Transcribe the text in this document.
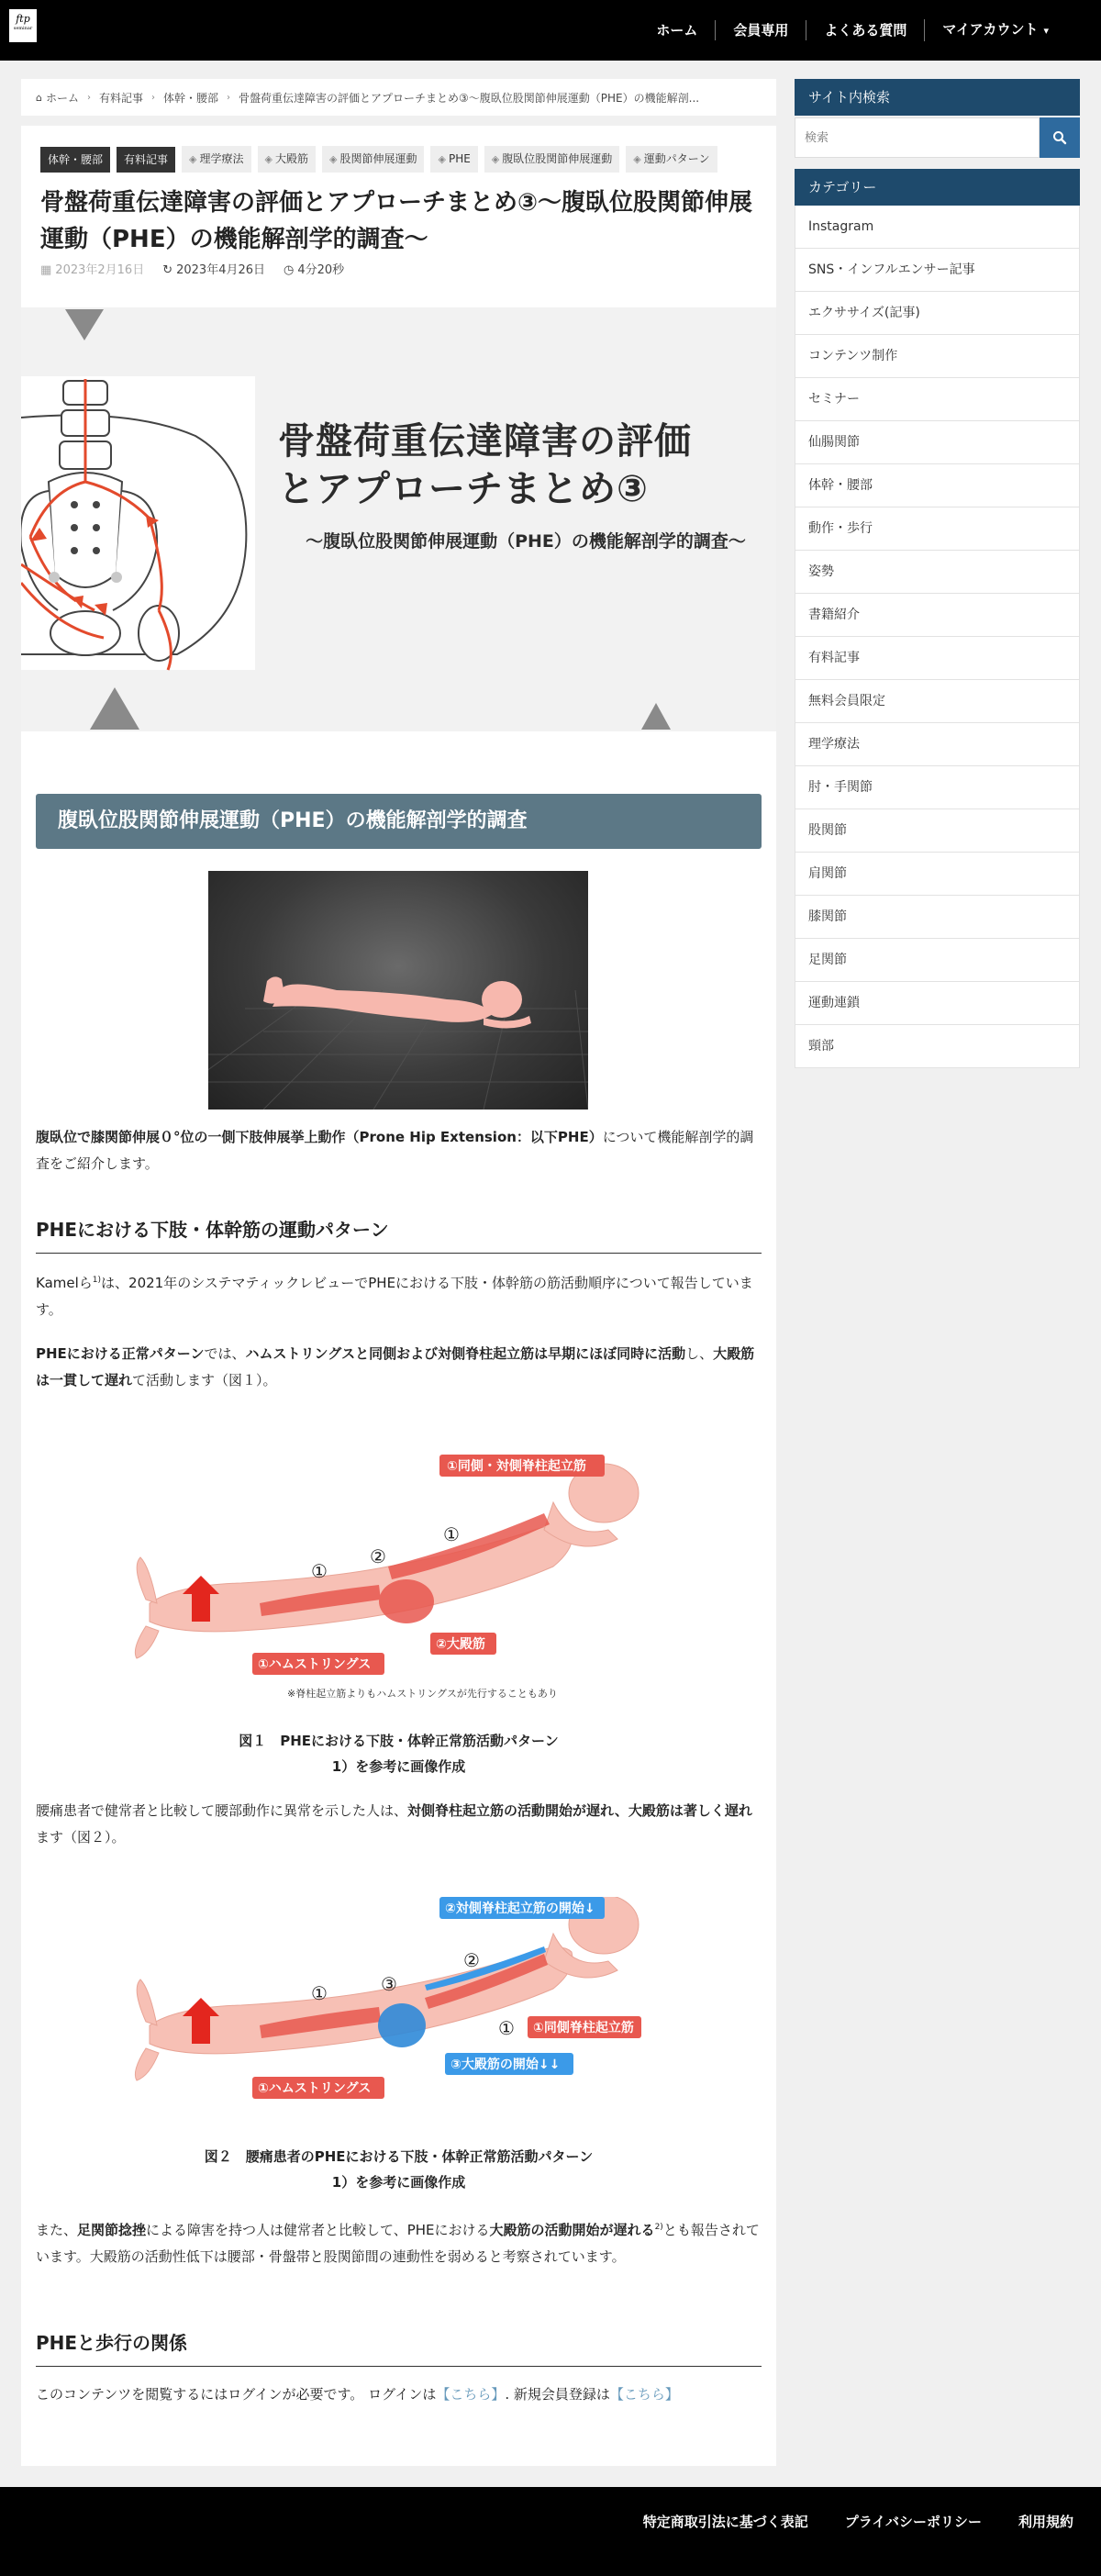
ftp
seminar	ホーム	会員専用	よくある質問	マイアカウント ▾
⌂ ホーム › 有料記事 › 体幹・腰部 › 骨盤荷重伝達障害の評価とアプローチまとめ③〜腹臥位股関節伸展運動（PHE）の機能解剖...
体幹・腰部	有料記事	◈ 理学療法	◈ 大殿筋	◈ 股関節伸展運動	◈ PHE	◈ 腹臥位股関節伸展運動	◈ 運動パターン
骨盤荷重伝達障害の評価とアプローチまとめ③〜腹臥位股関節伸展運動（PHE）の機能解剖学的調査〜
▦ 2023年2月16日 ↻ 2023年4月26日 ◷ 4分20秒
骨盤荷重伝達障害の評価
とアプローチまとめ③
〜腹臥位股関節伸展運動（PHE）の機能解剖学的調査〜
腹臥位股関節伸展運動（PHE）の機能解剖学的調査
腹臥位で膝関節伸展０°位の一側下肢伸展挙上動作（Prone Hip Extension：以下PHE）について機能解剖学的調査をご紹介します。
PHEにおける下肢・体幹筋の運動パターン
Kamelら$^{1)}$は、2021年のシステマティックレビューでPHEにおける下肢・体幹筋の筋活動順序について報告しています。
PHEにおける正常パターンでは、ハムストリングスと同側および対側脊柱起立筋は早期にほぼ同時に活動し、大殿筋は一貫して遅れて活動します（図１）。
①同側・対側脊柱起立筋
②大殿筋
①ハムストリングス
①
②
①
※脊柱起立筋よりもハムストリングスが先行することもあり
図１　PHEにおける下肢・体幹正常筋活動パターン
1）を参考に画像作成
腰痛患者で健常者と比較して腰部動作に異常を示した人は、対側脊柱起立筋の活動開始が遅れ、大殿筋は著しく遅れます（図２）。
②対側脊柱起立筋の開始↓
①同側脊柱起立筋
③大殿筋の開始↓↓
①ハムストリングス
①
②
③
①
図２　腰痛患者のPHEにおける下肢・体幹正常筋活動パターン
1）を参考に画像作成
また、足関節捻挫による障害を持つ人は健常者と比較して、PHEにおける大殿筋の活動開始が遅れる$^{2)}$とも報告されています。大殿筋の活動性低下は腰部・骨盤帯と股関節間の連動性を弱めると考察されています。
PHEと歩行の関係
このコンテンツを閲覧するにはログインが必要です。 ログインは【こちら】. 新規会員登録は【こちら】
サイト内検索
検索
カテゴリー
Instagram
SNS・インフルエンサー記事
エクササイズ(記事)
コンテンツ制作
セミナー
仙腸関節
体幹・腰部
動作・歩行
姿勢
書籍紹介
有料記事
無料会員限定
理学療法
肘・手関節
股関節
肩関節
膝関節
足関節
運動連鎖
頸部
特定商取引法に基づく表記	プライバシーポリシー	利用規約
